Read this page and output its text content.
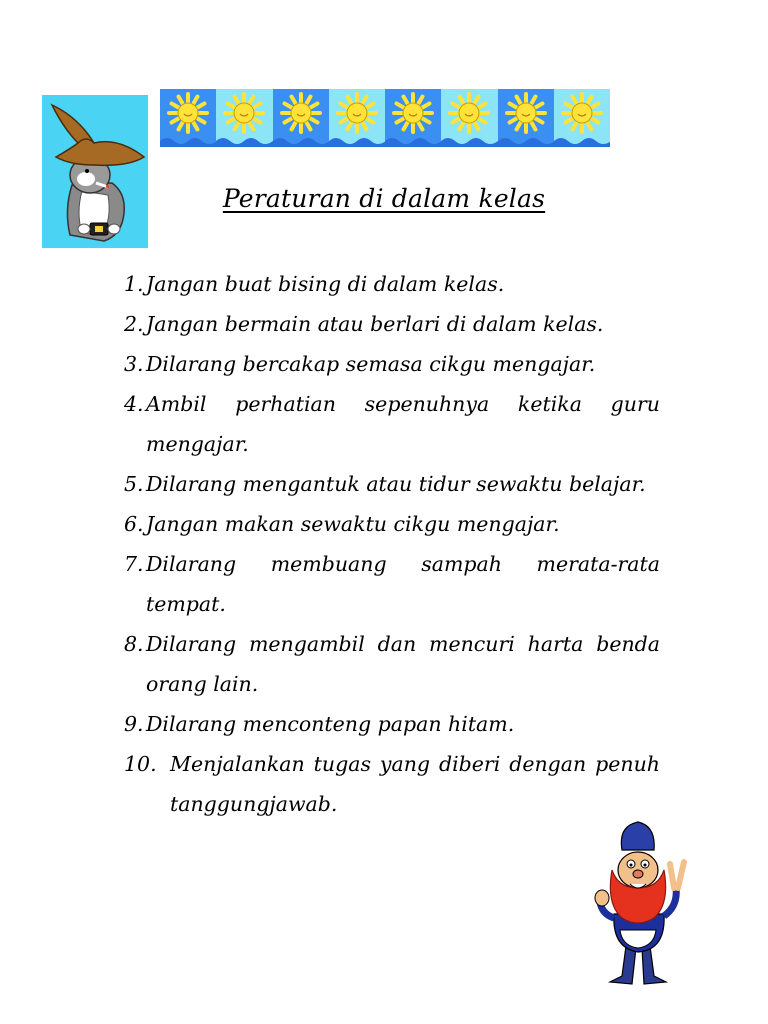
Peraturan di dalam kelas
1. Jangan buat bising di dalam kelas.
2. Jangan bermain atau berlari di dalam kelas.
3. Dilarang bercakap semasa cikgu mengajar.
4. Ambil perhatian sepenuhnya ketika guru mengajar.
5. Dilarang mengantuk atau tidur sewaktu belajar.
6. Jangan makan sewaktu cikgu mengajar.
7. Dilarang membuang sampah merata-rata tempat.
8. Dilarang mengambil dan mencuri harta benda orang lain.
9. Dilarang menconteng papan hitam.
10. Menjalankan tugas yang diberi dengan penuh tanggungjawab.
